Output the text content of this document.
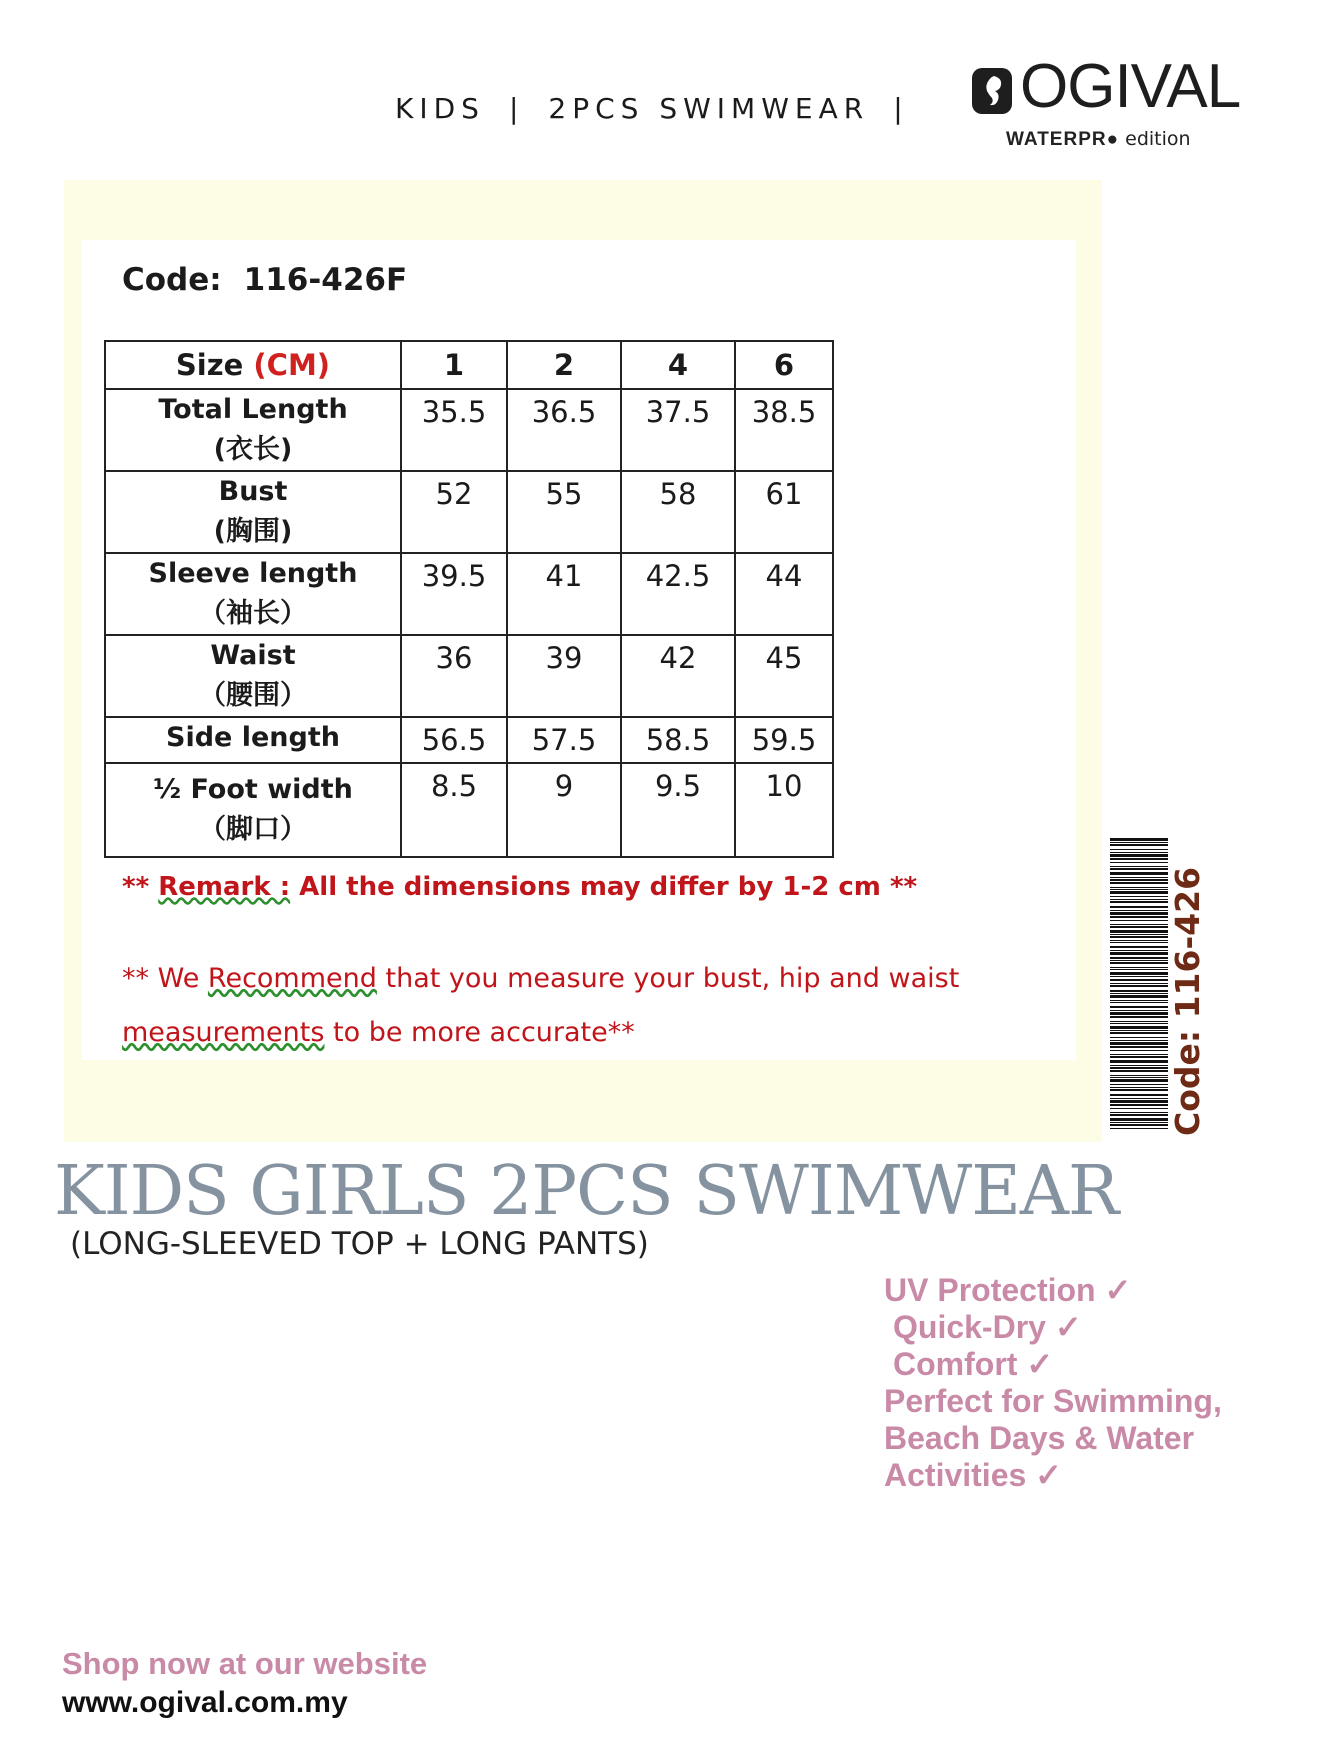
KIDS | 2PCS SWIMWEAR |	OGIVAL
WATERPR● edition
Code: 116-426F
Size (CM)	1	2	4	6

Total Length
(衣长)	35.5	36.5	37.5	38.5

Bust
(胸围)	52	55	58	61

Sleeve length
（袖长）	39.5	41	42.5	44

Waist
（腰围）	36	39	42	45

Side length	56.5	57.5	58.5	59.5

½ Foot width
（脚口）	8.5	9	9.5	10
** Remark : All the dimensions may differ by 1-2 cm **
** We Recommend that you measure your bust, hip and waist
measurements to be more accurate**	Code: 116-426
KIDS GIRLS 2PCS SWIMWEAR
(LONG-SLEEVED TOP + LONG PANTS)
UV Protection ✓
Quick-Dry ✓
Comfort ✓
Perfect for Swimming,
Beach Days & Water
Activities ✓
Shop now at our website
www.ogival.com.my
